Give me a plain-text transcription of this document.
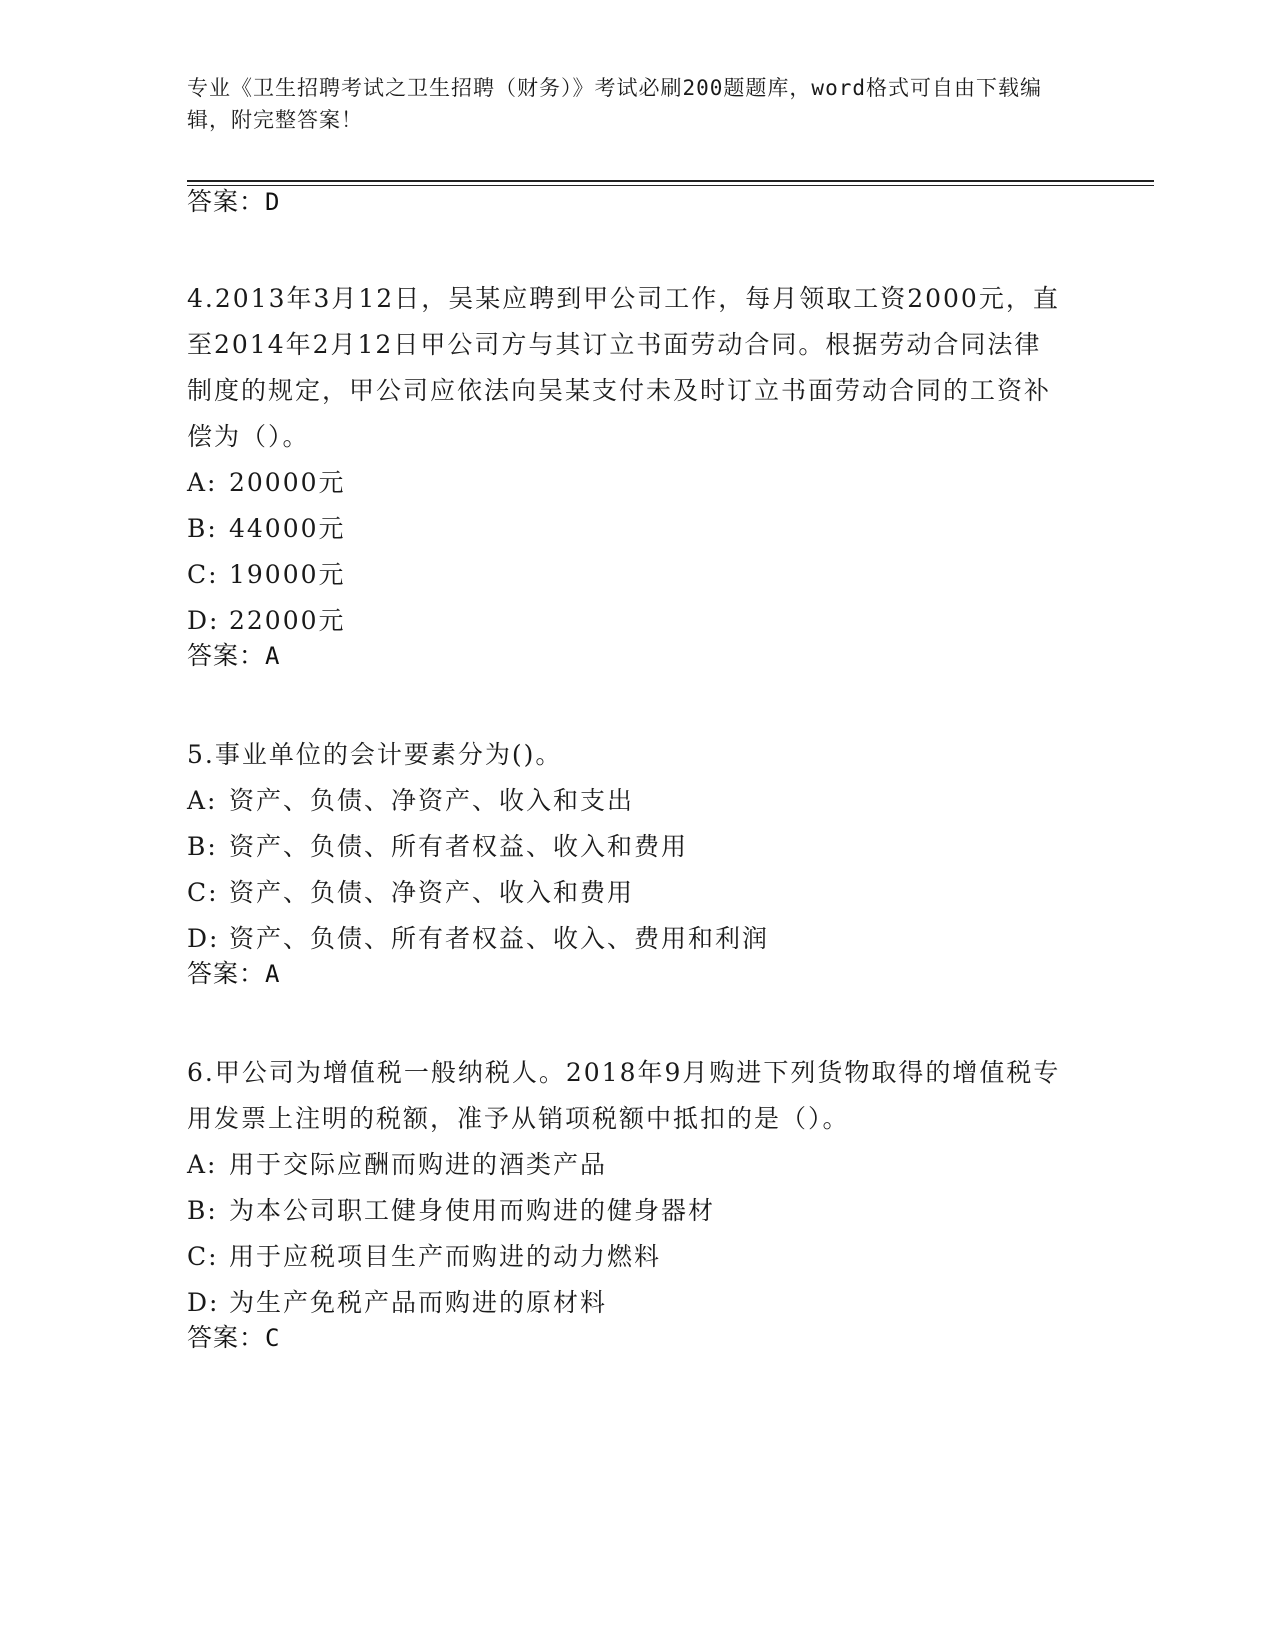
专业《卫生招聘考试之卫生招聘（财务）》考试必刷200题题库，word格式可自由下载编辑，附完整答案！
答案：D
4.2013年3月12日，吴某应聘到甲公司工作，每月领取工资2000元，直至2014年2月12日甲公司方与其订立书面劳动合同。根据劳动合同法律制度的规定，甲公司应依法向吴某支付未及时订立书面劳动合同的工资补偿为（）。
A: 20000元
B: 44000元
C: 19000元
D: 22000元
答案：A
5.事业单位的会计要素分为()。
A: 资产、负债、净资产、收入和支出
B: 资产、负债、所有者权益、收入和费用
C: 资产、负债、净资产、收入和费用
D: 资产、负债、所有者权益、收入、费用和利润
答案：A
6.甲公司为增值税一般纳税人。2018年9月购进下列货物取得的增值税专用发票上注明的税额，准予从销项税额中抵扣的是（）。
A: 用于交际应酬而购进的酒类产品
B: 为本公司职工健身使用而购进的健身器材
C: 用于应税项目生产而购进的动力燃料
D: 为生产免税产品而购进的原材料
答案：C
